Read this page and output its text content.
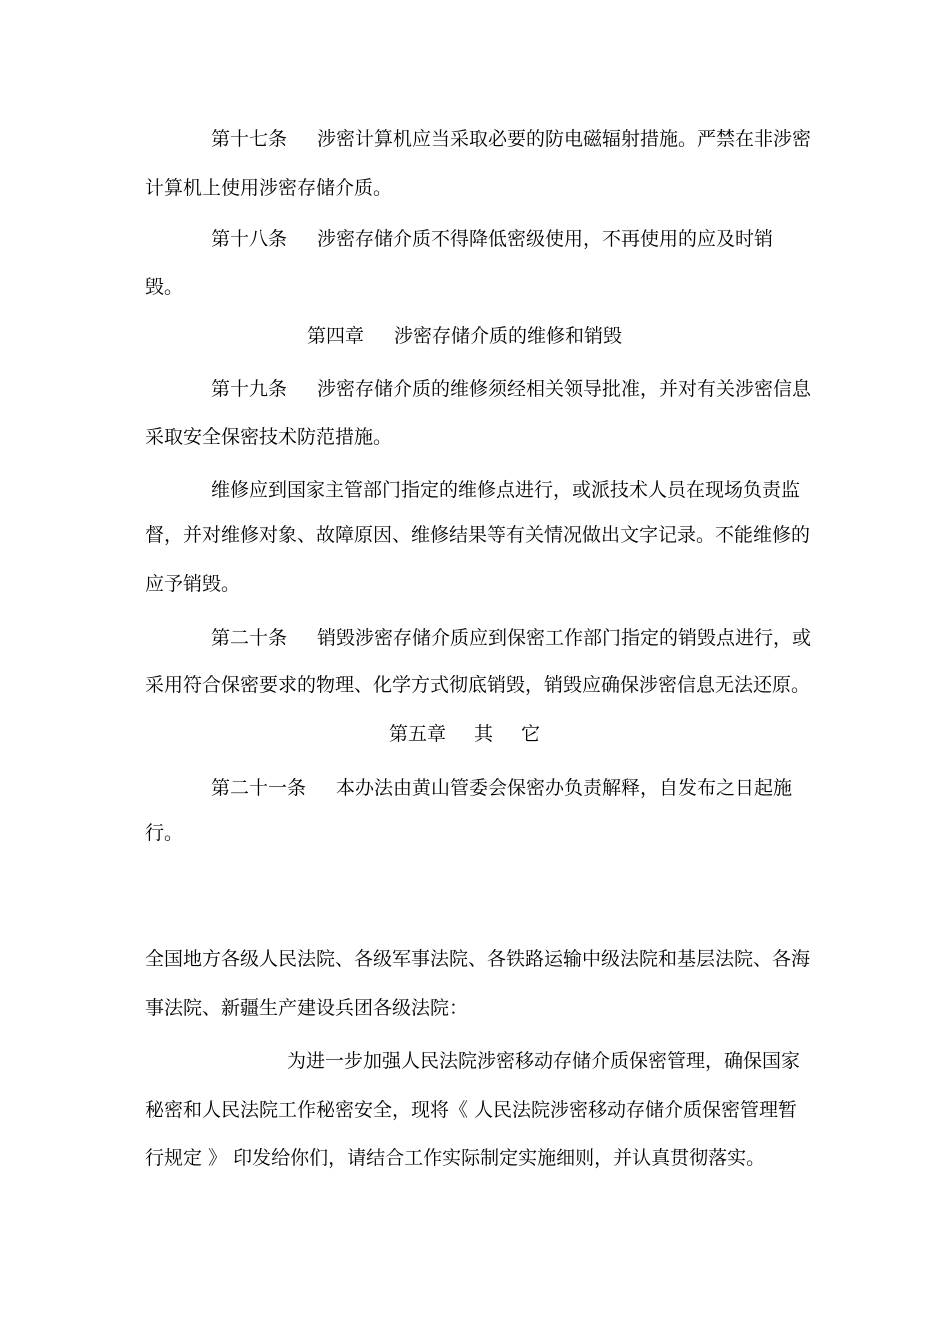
第十七条 涉密计算机应当采取必要的防电磁辐射措施。严禁在非涉密
计算机上使用涉密存储介质。
第十八条 涉密存储介质不得降低密级使用，不再使用的应及时销
毁。
第四章 涉密存储介质的维修和销毁
第十九条 涉密存储介质的维修须经相关领导批准，并对有关涉密信息
采取安全保密技术防范措施。
维修应到国家主管部门指定的维修点进行，或派技术人员在现场负责监
督，并对维修对象、故障原因、维修结果等有关情况做出文字记录。不能维修的
应予销毁。
第二十条 销毁涉密存储介质应到保密工作部门指定的销毁点进行，或
采用符合保密要求的物理、化学方式彻底销毁，销毁应确保涉密信息无法还原。
第五章 其 它
第二十一条 本办法由黄山管委会保密办负责解释，自发布之日起施
行。
全国地方各级人民法院、各级军事法院、各铁路运输中级法院和基层法院、各海
事法院、新疆生产建设兵团各级法院：
为进一步加强人民法院涉密移动存储介质保密管理，确保国家
秘密和人民法院工作秘密安全，现将《 人民法院涉密移动存储介质保密管理暂
行规定 》 印发给你们，请结合工作实际制定实施细则，并认真贯彻落实。
